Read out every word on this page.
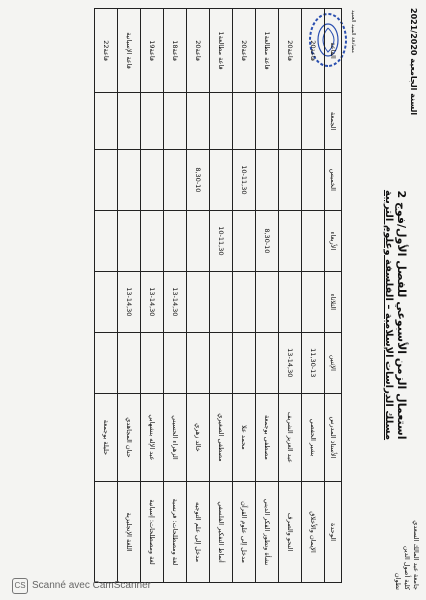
السنة الجامعية 2021/2020
جامعة عبد المالك السعدي
كلية أصول الدين
تطوان
استعمال الزمن الأسبوعي للفصل الأول/فوج 2
مسلك الدراسات الإسلامية – الفلسفة وعلوم التربية
مصادقة السيد العميد
الوحدة	الأستاذ المدرس	الإثنين	الثلاثاء	الأربعاء	الخميس	الجمعة	القاعة
الإيمان والأخلاق	بشير الحفصي	11,30-13					قاعة20
النحو والصرف	عبد العزيز الشريف	13-14,30					قاعة20
نشأة وتطور الفكر الديني	مصطفى بوجمعة			8,30-10			قاعة مطالعة1
مدخل إلى علوم القرآن	محمد علا				10-11,30		قاعة20
أنماط التفكير الفلسفي	مصطفى الصغيري			10-11,30			قاعة مطالعة1
مدخل إلى علم التوجيه	خالد زهري				8,30-10		قاعة20
لغة ومصطلحات: فرنسية	الزهراء الحسيني		13-14,30				قاعة18
لغة ومصطلحات: إسبانية	عبد الإله بنشهابي		13-14,30				قاعة19
اللغة الإنجليزية	حنان المجاهدي		13-14,30				قاعة الإسبانية
	حليلة بوجمعة						قاعة22
CS Scanné avec CamScanner
